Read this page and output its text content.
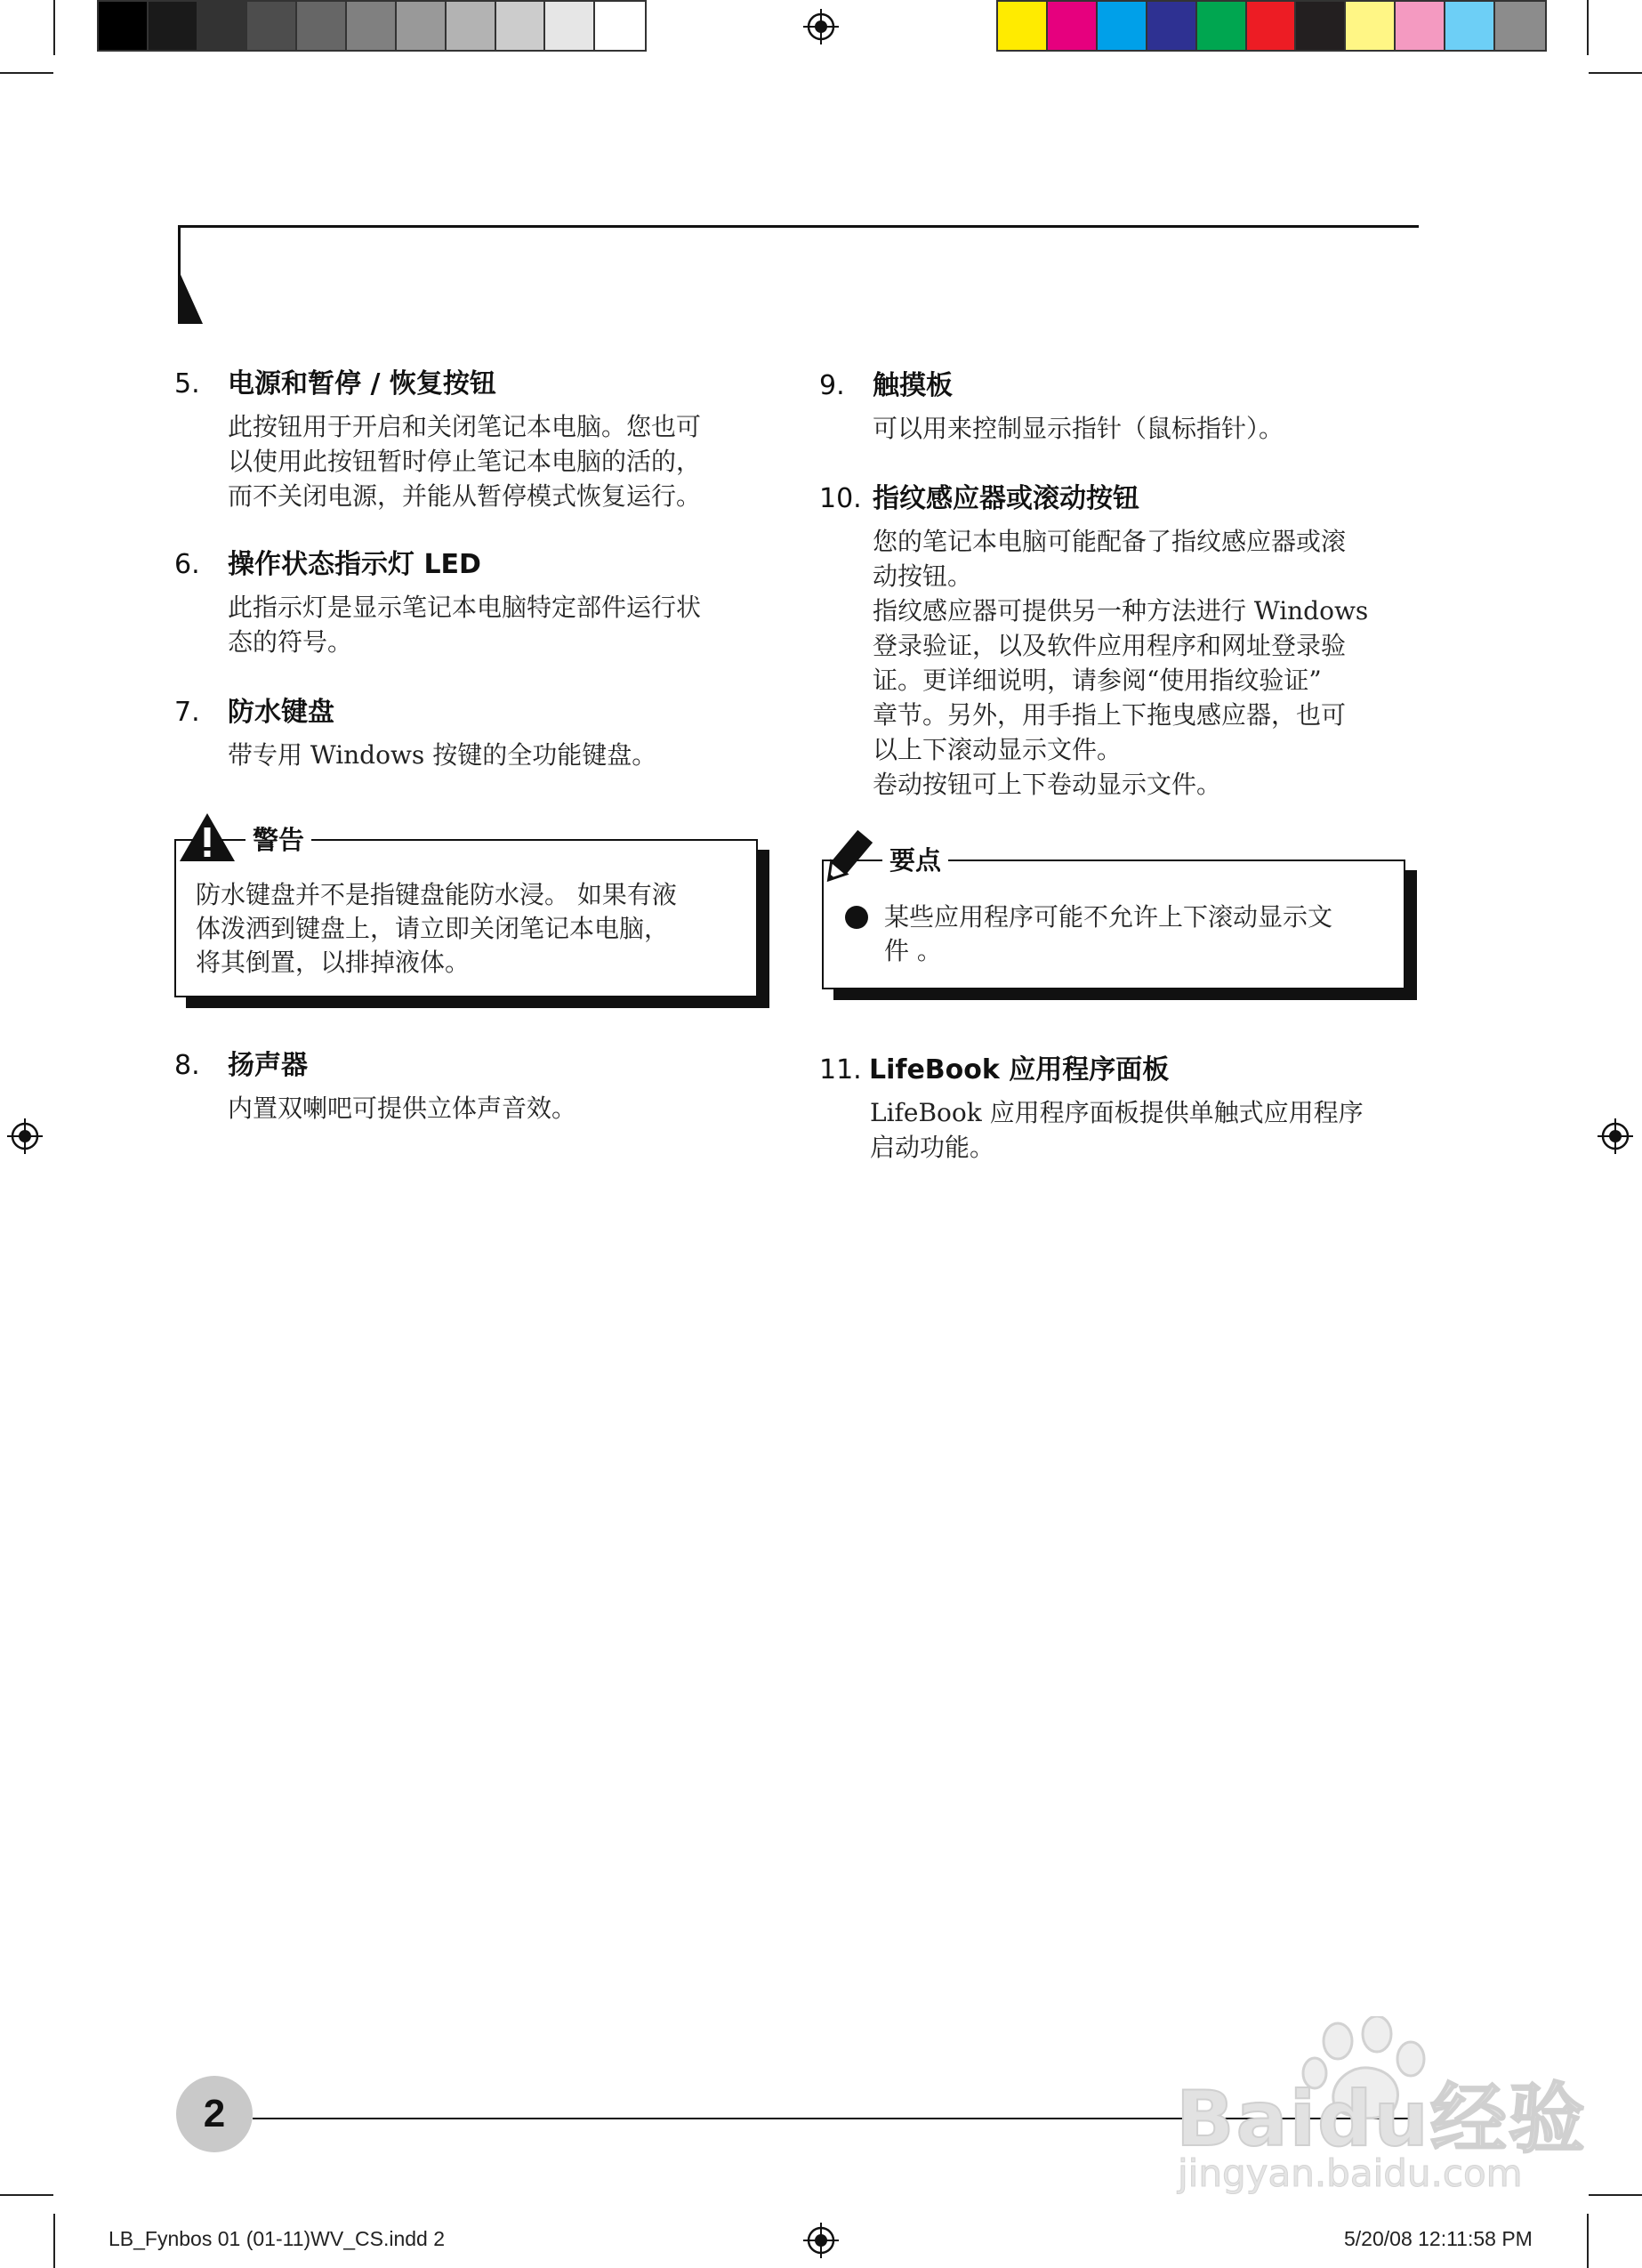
5. 电源和暂停 / 恢复按钮

此按钮用于开启和关闭笔记本电脑。您也可

以使用此按钮暂时停止笔记本电脑的活的，

而不关闭电源，并能从暂停模式恢复运行。

6. 操作状态指示灯 LED

此指示灯是显示笔记本电脑特定部件运行状

态的符号。

7. 防水键盘

带专用 Windows 按键的全功能键盘。

防水键盘并不是指键盘能防水浸。 如果有液

体泼洒到键盘上，请立即关闭笔记本电脑，

将其倒置，以排掉液体。

警告
8. 扬声器

内置双喇吧可提供立体声音效。

9. 触摸板

可以用来控制显示指针（鼠标指针）。

10. 指纹感应器或滚动按钮

您的笔记本电脑可能配备了指纹感应器或滚

动按钮。

指纹感应器可提供另一种方法进行 Windows

登录验证，以及软件应用程序和网址登录验

证。更详细说明，请参阅“使用指纹验证”

章节。另外，用手指上下拖曳感应器，也可

以上下滚动显示文件。

卷动按钮可上下卷动显示文件。

某些应用程序可能不允许上下滚动显示文

件 。

要点
11. LifeBook 应用程序面板

LifeBook 应用程序面板提供单触式应用程序

启动功能。

2	Baidu经验
jingyan.baidu.com
LB_Fynbos 01 (01-11)WV_CS.indd 2	5/20/08 12:11:58 PM
